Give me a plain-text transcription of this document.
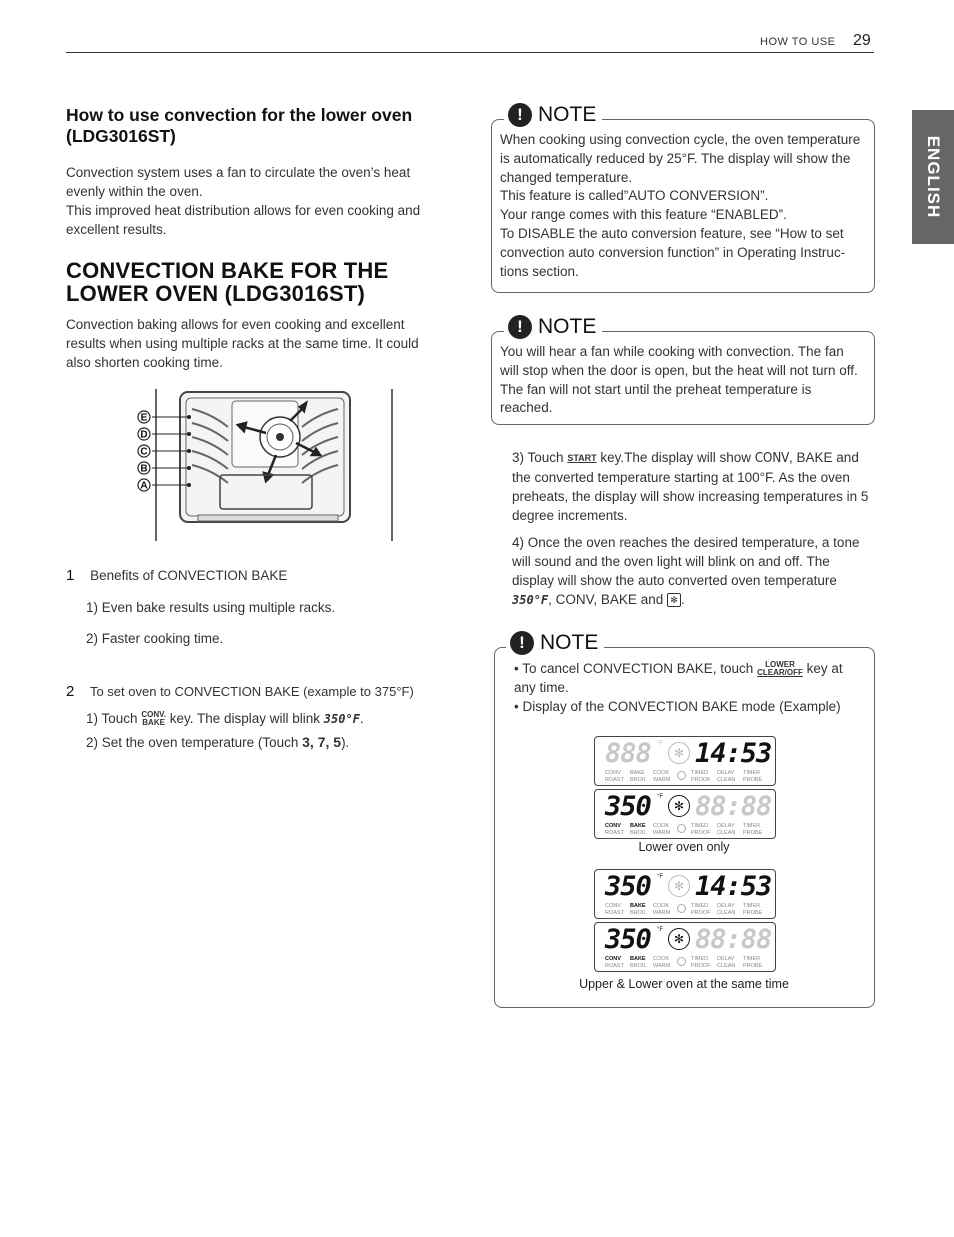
HOW TO USE 29
ENGLISH
How to use convection for the lower oven (LDG3016ST)

Convection system uses a fan to circulate the oven’s heat evenly within the oven.

This improved heat distribution allows for even cooking and excellent results.

CONVECTION BAKE FOR THE LOWER OVEN (LDG3016ST)

Convection baking allows for even cooking and excellent results when using multiple racks at the same time. It could also shorten cooking time.

E
D
C
B
A
1 Benefits of CONVECTION BAKE
1) Even bake results using multiple racks.
2) Faster cooking time.
2 To set oven to CONVECTION BAKE (example to 375°F)
1) Touch CONV.
BAKE key. The display will blink 350°F.
2) Set the oven temperature (Touch 3, 7, 5).
! NOTE

When cooking using convection cycle, the oven temperature is automatically reduced by 25°F. The display will show the changed temperature.
This feature is called”AUTO CONVERSION”.
Your range comes with this feature “ENABLED”.
To DISABLE the auto conversion feature, see “How to set convection auto conversion function” in Operating Instruc- tions section.

! NOTE

You will hear a fan while cooking with convection. The fan will stop when the door is open, but the heat will not turn off. The fan will not start until the preheat temperature is reached.

3) Touch START key.The display will show CONV, BAKE and the converted temperature starting at 100°F. As the oven preheats, the display will show increasing temperatures in 5 degree increments.
4) Once the oven reaches the desired temperature, a tone will sound and the oven light will blink on and off. The display will show the auto converted oven temperature 350°F, CONV, BAKE and ✻ .
! NOTE
• To cancel CONVECTION BAKE, touch LOWER
CLEAR/OFF key at any time.
• Display of the CONVECTION BAKE mode (Example)
888 °F
✻ 14:53
CONV BAKE COOK	TIMED DELAY TIMER
ROAST BROIL WARM	PROOF CLEAN PROBE
350 °F
✻ 88:88
CONV BAKE COOK	TIMED DELAY TIMER
ROAST BROIL WARM	PROOF CLEAN PROBE
Lower oven only
350 °F
✻ 14:53
CONV BAKE COOK	TIMED DELAY TIMER
ROAST BROIL WARM	PROOF CLEAN PROBE
350 °F
✻ 88:88
CONV BAKE COOK	TIMED DELAY TIMER
ROAST BROIL WARM	PROOF CLEAN PROBE
Upper & Lower oven at the same time
